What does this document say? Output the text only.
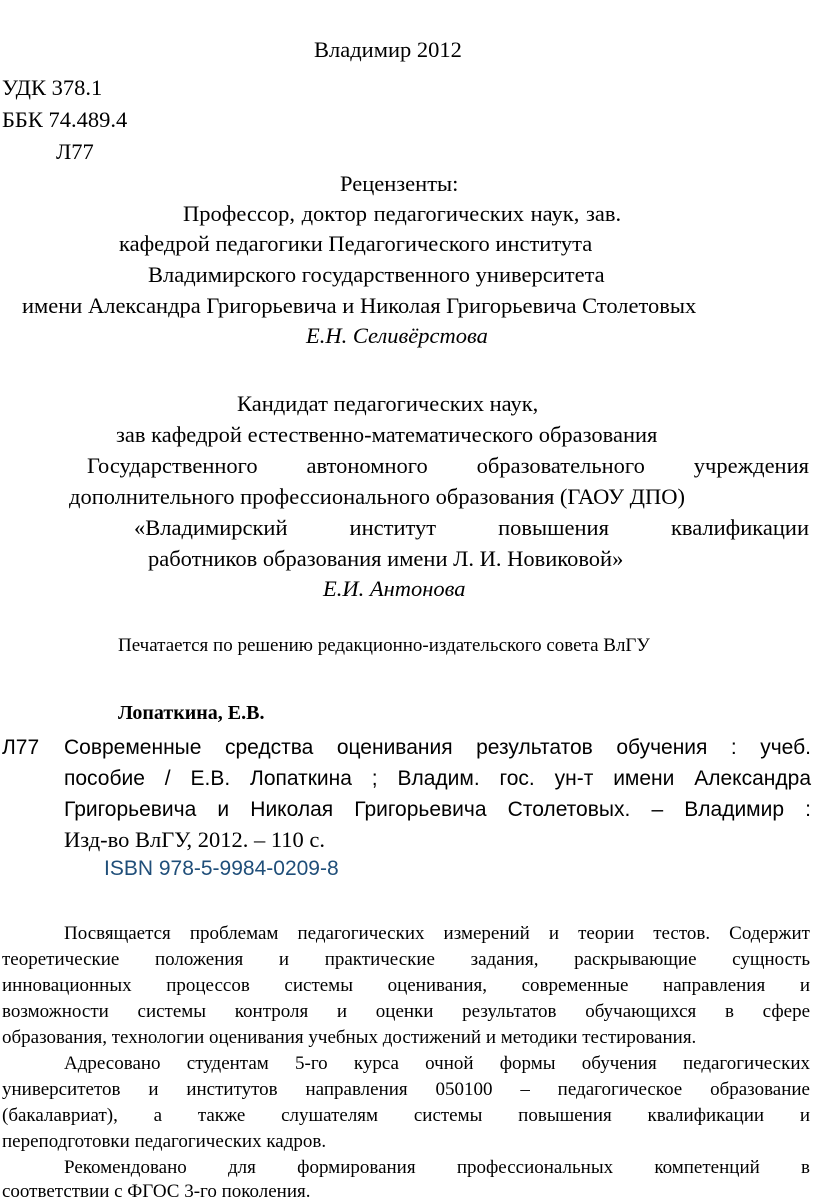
Владимир 2012
УДК 378.1
ББК 74.489.4
Л77
Рецензенты:
Профессор, доктор педагогических наук, зав.
кафедрой педагогики Педагогического института
Владимирского государственного университета
имени Александра Григорьевича и Николая Григорьевича Столетовых
Е.Н. Селивёрстова
Кандидат педагогических наук,
зав кафедрой естественно-математического образования
Государственного автономного образовательного учреждения
дополнительного профессионального образования (ГАОУ ДПО)
«Владимирский институт повышения квалификации
работников образования имени Л. И. Новиковой»
Е.И. Антонова
Печатается по решению редакционно-издательского совета ВлГУ
Лопаткина, Е.В.
Л77 Современные средства оценивания результатов обучения : учеб.
пособие / Е.В. Лопаткина ; Владим. гос. ун-т имени Александра
Григорьевича и Николая Григорьевича Столетовых. – Владимир :
Изд-во ВлГУ, 2012. – 110 с.
ISBN 978-5-9984-0209-8
Посвящается проблемам педагогических измерений и теории тестов. Содержит
теоретические положения и практические задания, раскрывающие сущность
инновационных процессов системы оценивания, современные направления и
возможности системы контроля и оценки результатов обучающихся в сфере
образования, технологии оценивания учебных достижений и методики тестирования.
Адресовано студентам 5-го курса очной формы обучения педагогических
университетов и институтов направления 050100 – педагогическое образование
(бакалавриат), а также слушателям системы повышения квалификации и
переподготовки педагогических кадров.
Рекомендовано для формирования профессиональных компетенций в
соответствии с ФГОС 3-го поколения.
